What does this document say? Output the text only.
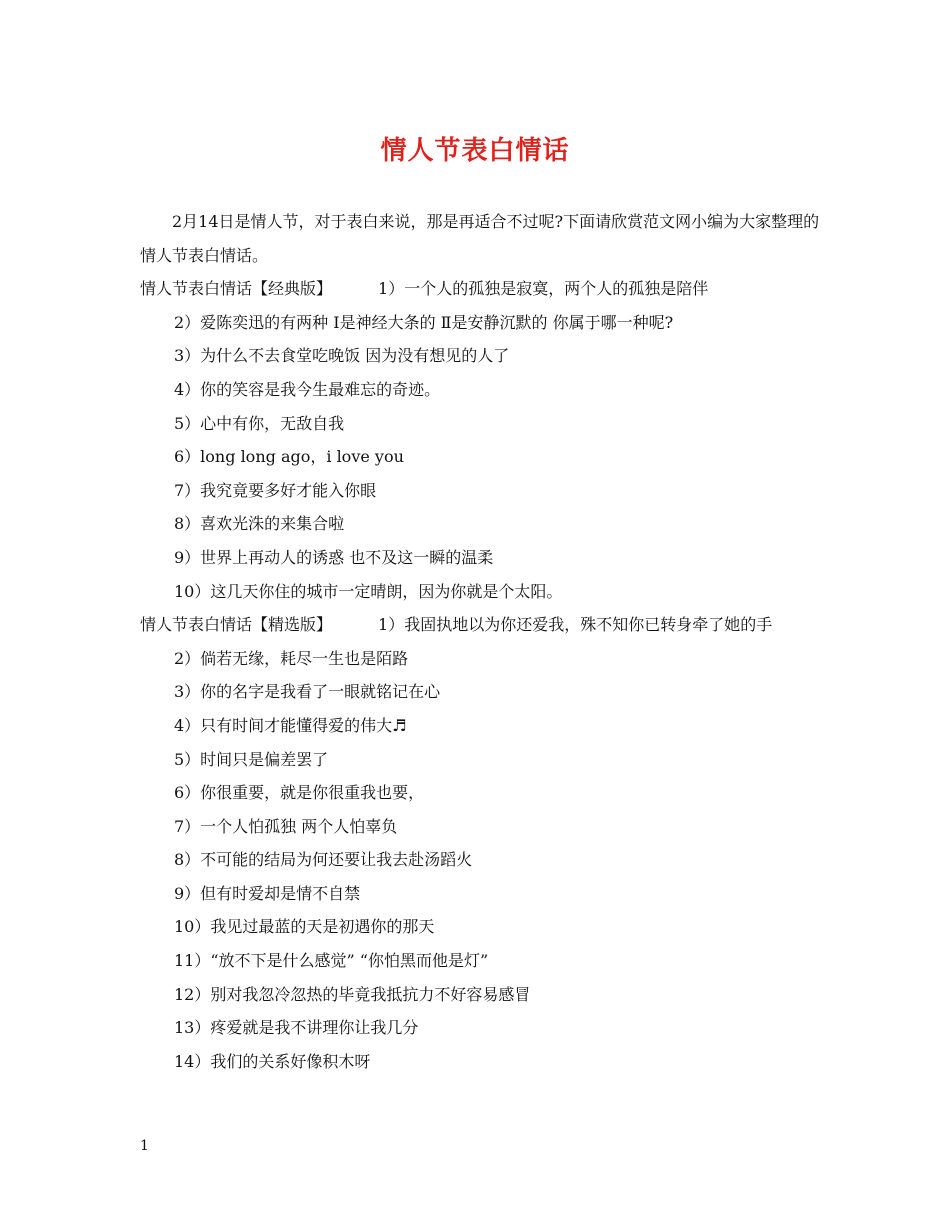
情人节表白情话

2月14日是情人节，对于表白来说，那是再适合不过呢?下面请欣赏范文网小编为大家整理的情人节表白情话。

情人节表白情话【经典版】	1）一个人的孤独是寂寞，两个人的孤独是陪伴

2）爱陈奕迅的有两种 Ⅰ是神经大条的 Ⅱ是安静沉默的 你属于哪一种呢?

3）为什么不去食堂吃晚饭 因为没有想见的人了

4）你的笑容是我今生最难忘的奇迹。

5）心中有你，无敌自我

6）long long ago，i love you

7）我究竟要多好才能入你眼

8）喜欢光洙的来集合啦

9）世界上再动人的诱惑 也不及这一瞬的温柔

10）这几天你住的城市一定晴朗，因为你就是个太阳。

情人节表白情话【精选版】	1）我固执地以为你还爱我，殊不知你已转身牵了她的手

2）倘若无缘，耗尽一生也是陌路

3）你的名字是我看了一眼就铭记在心

4）只有时间才能懂得爱的伟大♬

5）时间只是偏差罢了

6）你很重要，就是你很重我也要，

7）一个人怕孤独 两个人怕辜负

8）不可能的结局为何还要让我去赴汤蹈火

9）但有时爱却是情不自禁

10）我见过最蓝的天是初遇你的那天

11）“放不下是什么感觉” “你怕黑而他是灯”

12）别对我忽冷忽热的毕竟我抵抗力不好容易感冒

13）疼爱就是我不讲理你让我几分

14）我们的关系好像积木呀

1
